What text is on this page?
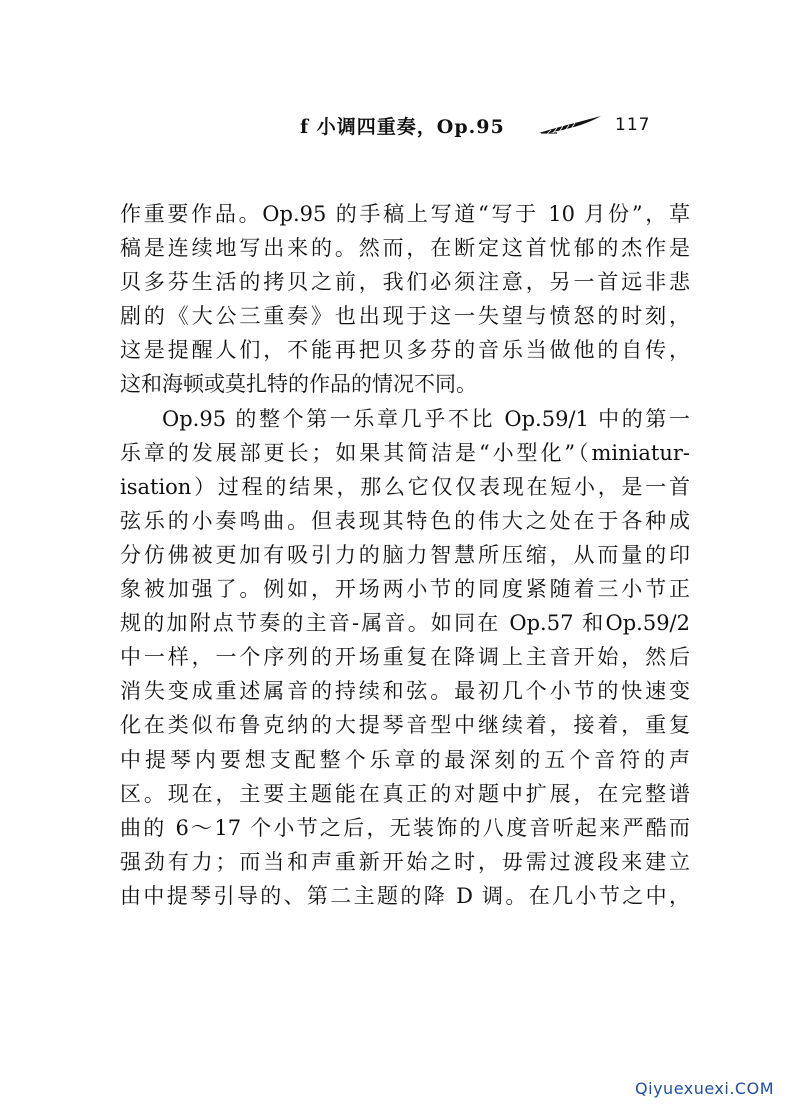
f 小调四重奏，Op.95	117
作重要作品。Op.95 的手稿上写道“写于 10 月份”，草
稿是连续地写出来的。然而，在断定这首忧郁的杰作是
贝多芬生活的拷贝之前，我们必须注意，另一首远非悲
剧的《大公三重奏》也出现于这一失望与愤怒的时刻，
这是提醒人们，不能再把贝多芬的音乐当做他的自传，
这和海顿或莫扎特的作品的情况不同。
Op.95 的整个第一乐章几乎不比 Op.59/1 中的第一
乐章的发展部更长；如果其简洁是“小型化”（miniatur-
isation）过程的结果，那么它仅仅表现在短小，是一首
弦乐的小奏鸣曲。但表现其特色的伟大之处在于各种成
分仿佛被更加有吸引力的脑力智慧所压缩，从而量的印
象被加强了。例如，开场两小节的同度紧随着三小节正
规的加附点节奏的主音-属音。如同在 Op.57 和Op.59/2
中一样，一个序列的开场重复在降调上主音开始，然后
消失变成重述属音的持续和弦。最初几个小节的快速变
化在类似布鲁克纳的大提琴音型中继续着，接着，重复
中提琴内要想支配整个乐章的最深刻的五个音符的声
区。现在，主要主题能在真正的对题中扩展，在完整谱
曲的 6～17 个小节之后，无装饰的八度音听起来严酷而
强劲有力；而当和声重新开始之时，毋需过渡段来建立
由中提琴引导的、第二主题的降 D 调。在几小节之中，
Qiyuexuexi.COM
